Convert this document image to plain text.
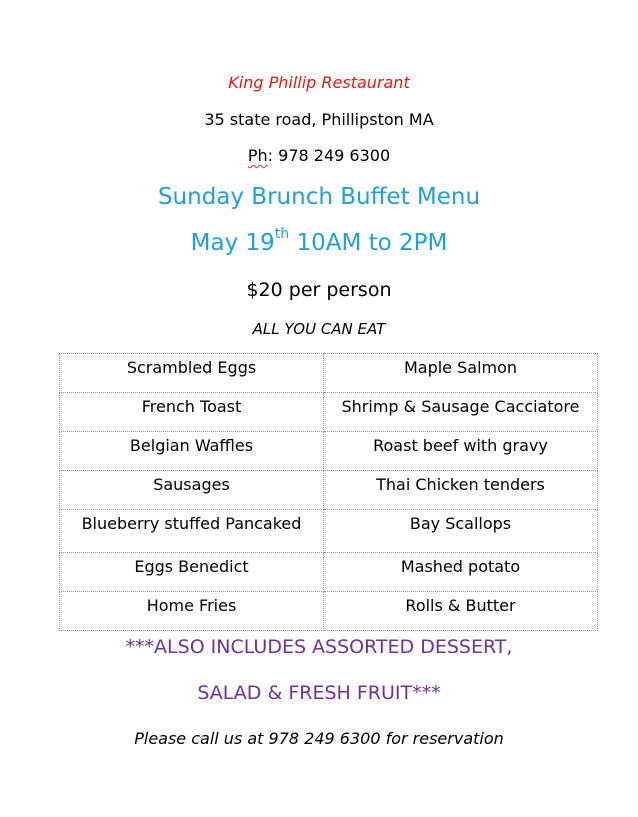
King Phillip Restaurant
35 state road, Phillipston MA
Ph: 978 249 6300
Sunday Brunch Buffet Menu
May 19th 10AM to 2PM
$20 per person
ALL YOU CAN EAT
Scrambled Eggs	Maple Salmon
French Toast	Shrimp & Sausage Cacciatore
Belgian Waffles	Roast beef with gravy
Sausages	Thai Chicken tenders
Blueberry stuffed Pancaked	Bay Scallops
Eggs Benedict	Mashed potato
Home Fries	Rolls & Butter
***ALSO INCLUDES ASSORTED DESSERT,
SALAD & FRESH FRUIT***
Please call us at 978 249 6300 for reservation
